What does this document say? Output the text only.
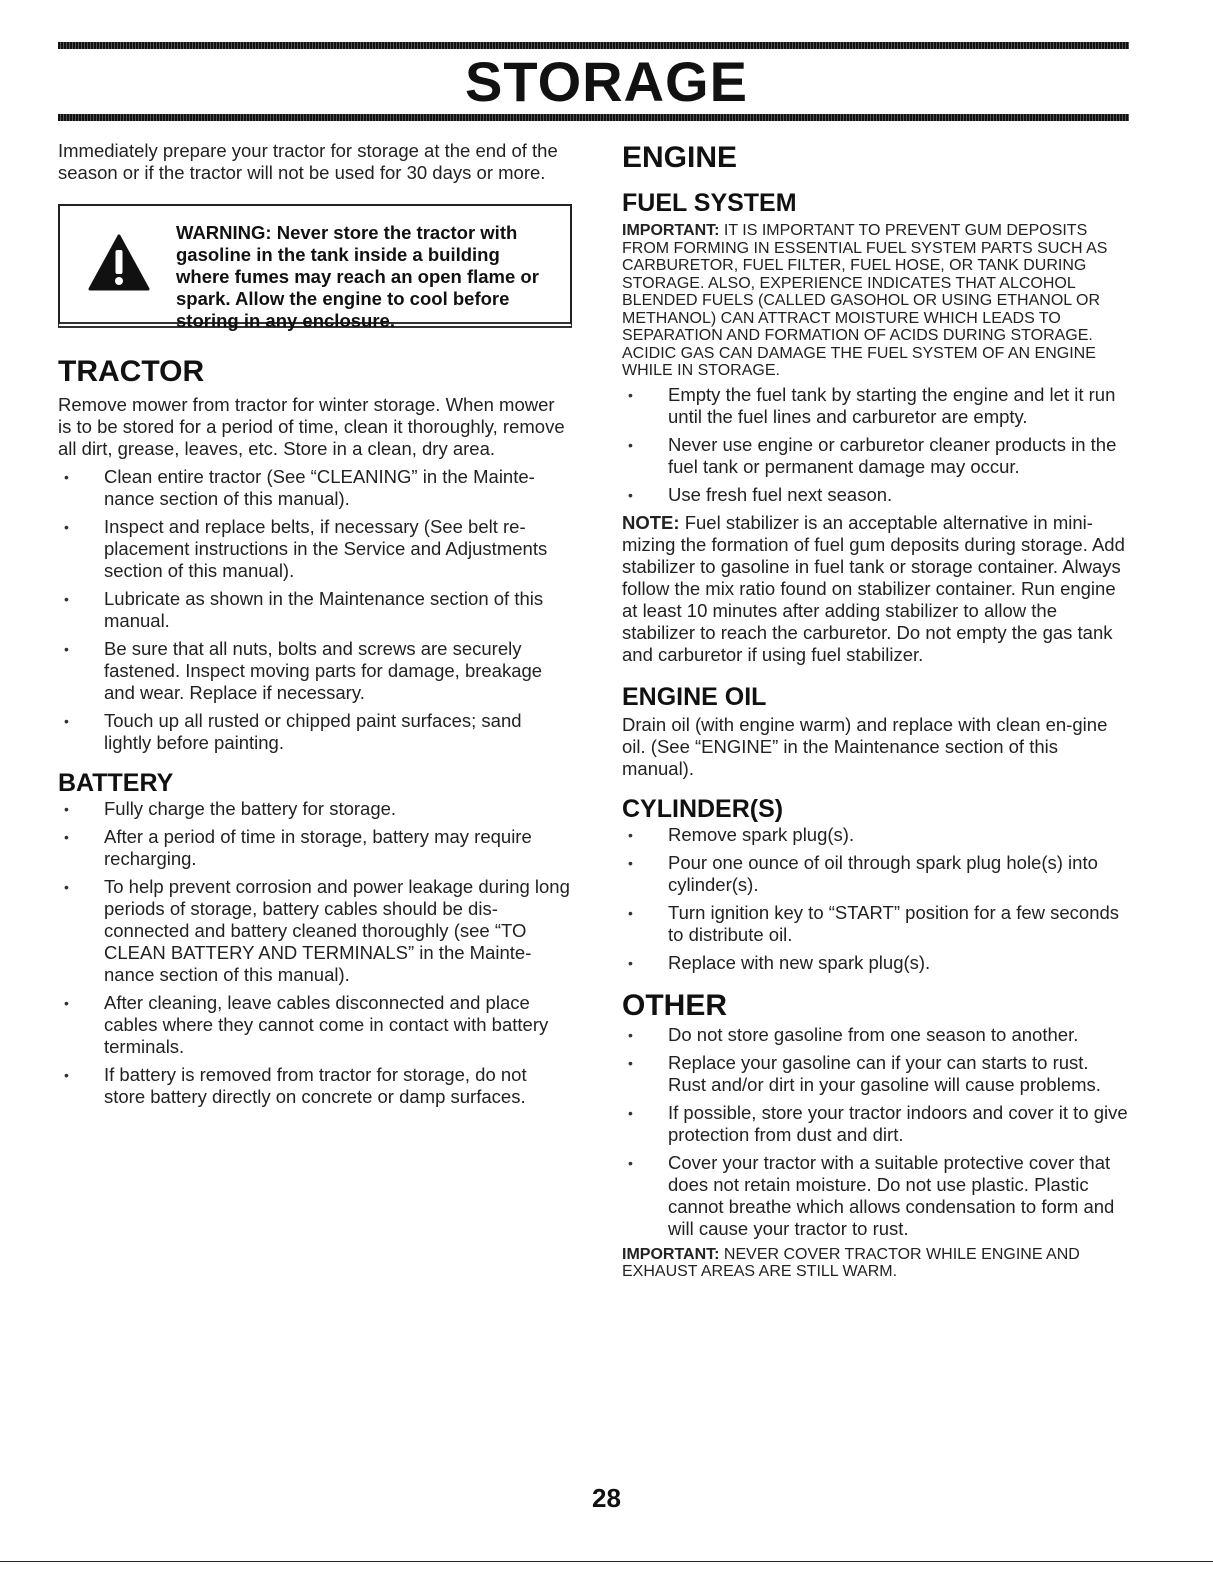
STORAGE

Immediately prepare your tractor for storage at the end of the season or if the tractor will not be used for 30 days or more.

WARNING: Never store the tractor with gasoline in the tank inside a building where fumes may reach an open flame or spark. Allow the engine to cool before storing in any enclosure.
TRACTOR

Remove mower from tractor for winter storage. When mower is to be stored for a period of time, clean it thoroughly, remove all dirt, grease, leaves, etc. Store in a clean, dry area.

• Clean entire tractor (See “CLEANING” in the Mainte-nance section of this manual).
• Inspect and replace belts, if necessary (See belt re-placement instructions in the Service and Adjustments section of this manual).
• Lubricate as shown in the Maintenance section of this manual.
• Be sure that all nuts, bolts and screws are securely fastened. Inspect moving parts for damage, breakage and wear. Replace if necessary.
• Touch up all rusted or chipped paint surfaces; sand lightly before painting.
BATTERY
• Fully charge the battery for storage.
• After a period of time in storage, battery may require recharging.
• To help prevent corrosion and power leakage during long periods of storage, battery cables should be dis-connected and battery cleaned thoroughly (see “TO CLEAN BATTERY AND TERMINALS” in the Mainte-nance section of this manual).
• After cleaning, leave cables disconnected and place cables where they cannot come in contact with battery terminals.
• If battery is removed from tractor for storage, do not store battery directly on concrete or damp surfaces.
ENGINE
FUEL SYSTEM

IMPORTANT: IT IS IMPORTANT TO PREVENT GUM DEPOSITS FROM FORMING IN ESSENTIAL FUEL SYSTEM PARTS SUCH AS CARBURETOR, FUEL FILTER, FUEL HOSE, OR TANK DURING STORAGE. ALSO, EXPERIENCE INDICATES THAT ALCOHOL BLENDED FUELS (CALLED GASOHOL OR USING ETHANOL OR METHANOL) CAN ATTRACT MOISTURE WHICH LEADS TO SEPARATION AND FORMATION OF ACIDS DURING STORAGE. ACIDIC GAS CAN DAMAGE THE FUEL SYSTEM OF AN ENGINE WHILE IN STORAGE.

• Empty the fuel tank by starting the engine and let it run until the fuel lines and carburetor are empty.
• Never use engine or carburetor cleaner products in the fuel tank or permanent damage may occur.
• Use fresh fuel next season.

NOTE: Fuel stabilizer is an acceptable alternative in mini-mizing the formation of fuel gum deposits during storage. Add stabilizer to gasoline in fuel tank or storage container. Always follow the mix ratio found on stabilizer container. Run engine at least 10 minutes after adding stabilizer to allow the stabilizer to reach the carburetor. Do not empty the gas tank and carburetor if using fuel stabilizer.

ENGINE OIL

Drain oil (with engine warm) and replace with clean en-gine oil. (See “ENGINE” in the Maintenance section of this manual).

CYLINDER(S)
• Remove spark plug(s).
• Pour one ounce of oil through spark plug hole(s) into cylinder(s).
• Turn ignition key to “START” position for a few seconds to distribute oil.
• Replace with new spark plug(s).
OTHER
• Do not store gasoline from one season to another.
• Replace your gasoline can if your can starts to rust. Rust and/or dirt in your gasoline will cause problems.
• If possible, store your tractor indoors and cover it to give protection from dust and dirt.
• Cover your tractor with a suitable protective cover that does not retain moisture. Do not use plastic. Plastic cannot breathe which allows condensation to form and will cause your tractor to rust.

IMPORTANT: NEVER COVER TRACTOR WHILE ENGINE AND EXHAUST AREAS ARE STILL WARM.

28
